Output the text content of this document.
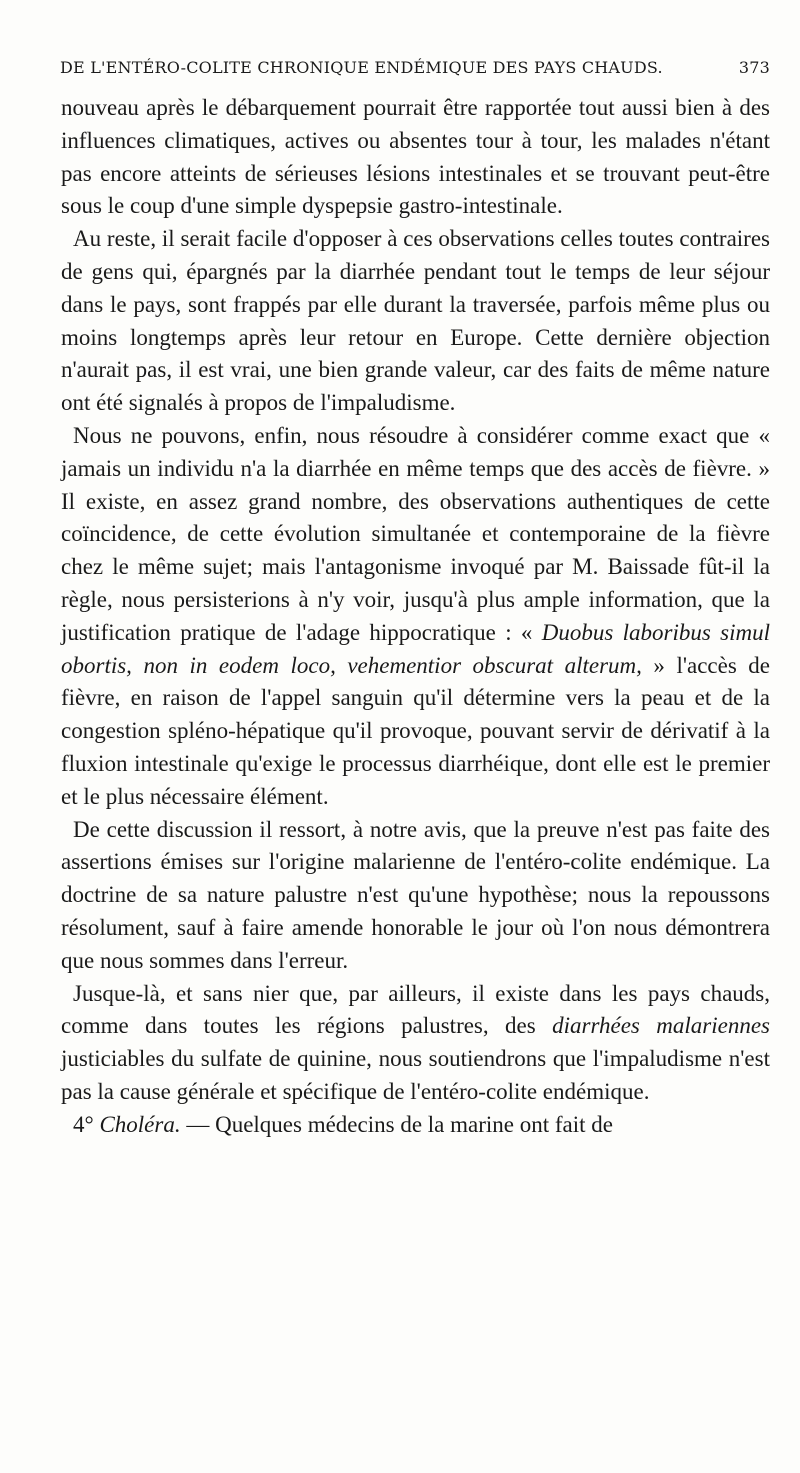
DE L'ENTÉRO-COLITE CHRONIQUE ENDÉMIQUE DES PAYS CHAUDS.	373

nouveau après le débarquement pourrait être rapportée tout aussi bien à des influences climatiques, actives ou absentes tour à tour, les malades n'étant pas encore atteints de sérieuses lésions intestinales et se trouvant peut-être sous le coup d'une simple dyspepsie gastro-intestinale.

Au reste, il serait facile d'opposer à ces observations celles toutes contraires de gens qui, épargnés par la diarrhée pendant tout le temps de leur séjour dans le pays, sont frappés par elle durant la traversée, parfois même plus ou moins longtemps après leur retour en Europe. Cette dernière objection n'aurait pas, il est vrai, une bien grande valeur, car des faits de même nature ont été signalés à propos de l'impaludisme.

Nous ne pouvons, enfin, nous résoudre à considérer comme exact que « jamais un individu n'a la diarrhée en même temps que des accès de fièvre. » Il existe, en assez grand nombre, des observations authentiques de cette coïncidence, de cette évolution simultanée et contemporaine de la fièvre chez le même sujet; mais l'antagonisme invoqué par M. Baissade fût-il la règle, nous persisterions à n'y voir, jusqu'à plus ample information, que la justification pratique de l'adage hippocratique : « Duobus laboribus simul obortis, non in eodem loco, vehementior obscurat alterum, » l'accès de fièvre, en raison de l'appel sanguin qu'il détermine vers la peau et de la congestion spléno-hépatique qu'il provoque, pouvant servir de dérivatif à la fluxion intestinale qu'exige le processus diarrhéique, dont elle est le premier et le plus nécessaire élément.

De cette discussion il ressort, à notre avis, que la preuve n'est pas faite des assertions émises sur l'origine malarienne de l'entéro-colite endémique. La doctrine de sa nature palustre n'est qu'une hypothèse; nous la repoussons résolument, sauf à faire amende honorable le jour où l'on nous démontrera que nous sommes dans l'erreur.

Jusque-là, et sans nier que, par ailleurs, il existe dans les pays chauds, comme dans toutes les régions palustres, des diarrhées malariennes justiciables du sulfate de quinine, nous soutiendrons que l'impaludisme n'est pas la cause générale et spécifique de l'entéro-colite endémique.

4° Choléra. — Quelques médecins de la marine ont fait de
